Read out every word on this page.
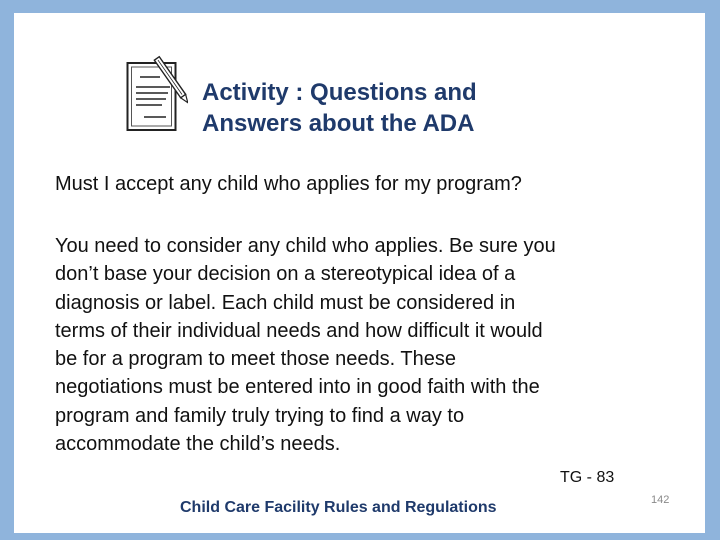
Activity : Questions and
Answers about the ADA

Must I accept any child who applies for my program?

You need to consider any child who applies. Be sure you
don’t base your decision on a stereotypical idea of a
diagnosis or label. Each child must be considered in
terms of their individual needs and how difficult it would
be for a program to meet those needs. These
negotiations must be entered into in good faith with the
program and family truly trying to find a way to
accommodate the child’s needs.

TG - 83

Child Care Facility Rules and Regulations	142
